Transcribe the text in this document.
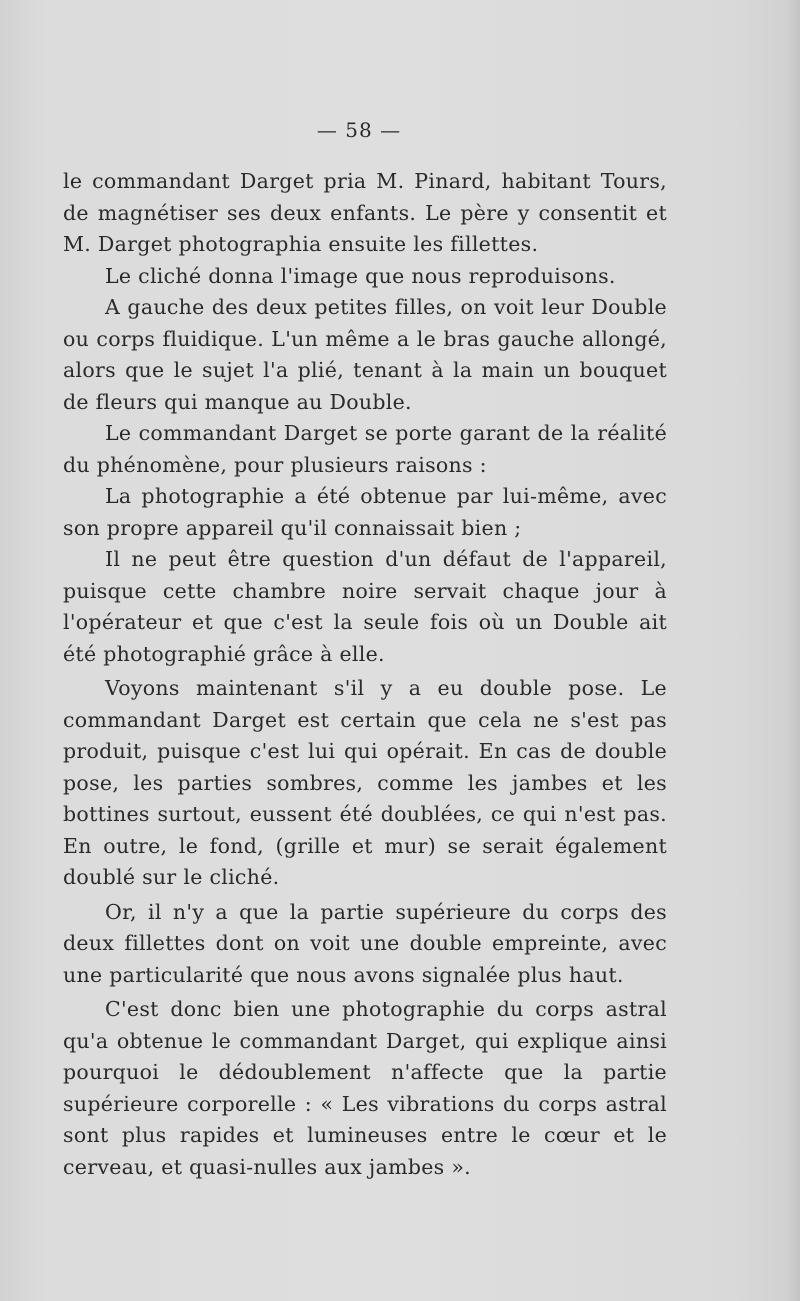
— 58 —

le commandant Darget pria M. Pinard, habitant Tours, de magnétiser ses deux enfants. Le père y consentit et M. Darget photographia ensuite les fillettes.

Le cliché donna l'image que nous reproduisons.

A gauche des deux petites filles, on voit leur Double ou corps fluidique. L'un même a le bras gauche allongé, alors que le sujet l'a plié, tenant à la main un bouquet de fleurs qui manque au Double.

Le commandant Darget se porte garant de la réalité du phénomène, pour plusieurs raisons :

La photographie a été obtenue par lui-même, avec son propre appareil qu'il connaissait bien ;

Il ne peut être question d'un défaut de l'appareil, puisque cette chambre noire servait chaque jour à l'opérateur et que c'est la seule fois où un Double ait été photographié grâce à elle.

Voyons maintenant s'il y a eu double pose. Le commandant Darget est certain que cela ne s'est pas produit, puisque c'est lui qui opérait. En cas de double pose, les parties sombres, comme les jambes et les bottines surtout, eussent été doublées, ce qui n'est pas. En outre, le fond, (grille et mur) se serait également doublé sur le cliché.

Or, il n'y a que la partie supérieure du corps des deux fillettes dont on voit une double empreinte, avec une particularité que nous avons signalée plus haut.

C'est donc bien une photographie du corps astral qu'a obtenue le commandant Darget, qui explique ainsi pourquoi le dédoublement n'affecte que la partie supérieure corporelle : « Les vibrations du corps astral sont plus rapides et lumineuses entre le cœur et le cerveau, et quasi-nulles aux jambes ».
